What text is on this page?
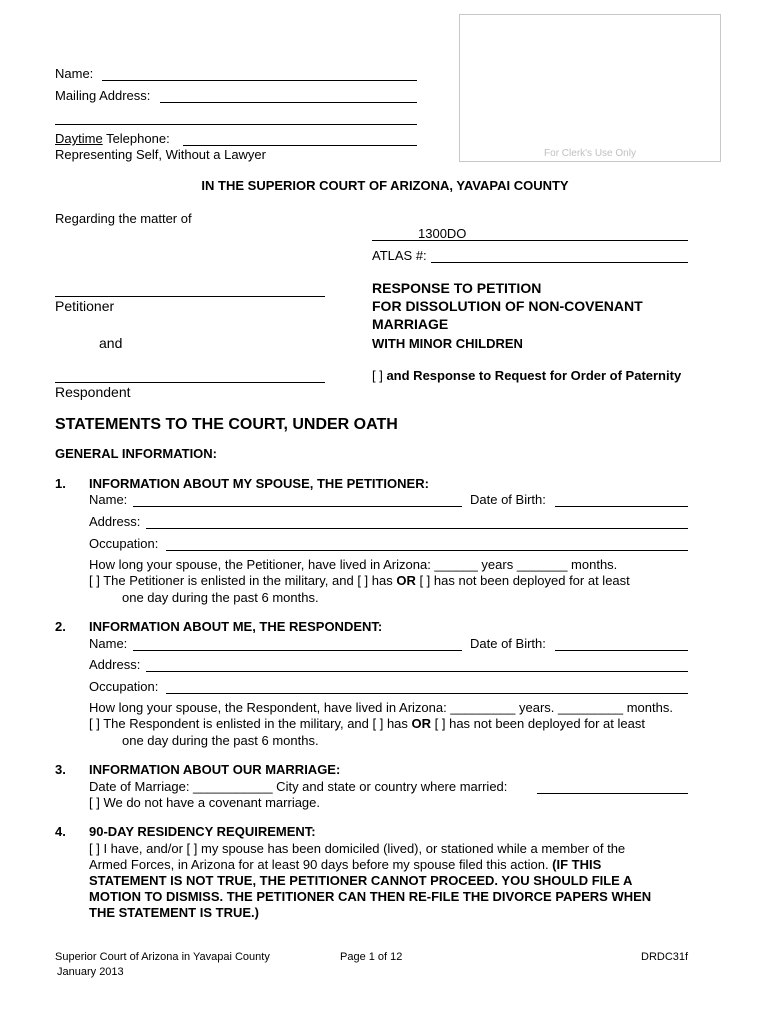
Name:
Mailing Address:
Daytime Telephone:
Representing Self, Without a Lawyer	For Clerk's Use Only
IN THE SUPERIOR COURT OF ARIZONA, YAVAPAI COUNTY
Regarding the matter of
1300DO
ATLAS #:
Petitioner
and
Respondent
RESPONSE TO PETITION
FOR DISSOLUTION OF NON-COVENANT
MARRIAGE
WITH MINOR CHILDREN
[ ] and Response to Request for Order of Paternity
STATEMENTS TO THE COURT, UNDER OATH
GENERAL INFORMATION:
1. INFORMATION ABOUT MY SPOUSE, THE PETITIONER:
Name:	Date of Birth:
Address:
Occupation:
How long your spouse, the Petitioner, have lived in Arizona: ______ years _______ months.
[ ] The Petitioner is enlisted in the military, and [ ] has OR [ ] has not been deployed for at least
one day during the past 6 months.
2. INFORMATION ABOUT ME, THE RESPONDENT:
Name:	Date of Birth:
Address:
Occupation:
How long your spouse, the Respondent, have lived in Arizona: _________ years. _________ months.
[ ] The Respondent is enlisted in the military, and [ ] has OR [ ] has not been deployed for at least
one day during the past 6 months.
3. INFORMATION ABOUT OUR MARRIAGE:
Date of Marriage: ___________ City and state or country where married:
[ ] We do not have a covenant marriage.
4. 90-DAY RESIDENCY REQUIREMENT:
[ ] I have, and/or [ ] my spouse has been domiciled (lived), or stationed while a member of the
Armed Forces, in Arizona for at least 90 days before my spouse filed this action. (IF THIS
STATEMENT IS NOT TRUE, THE PETITIONER CANNOT PROCEED. YOU SHOULD FILE A
MOTION TO DISMISS. THE PETITIONER CAN THEN RE-FILE THE DIVORCE PAPERS WHEN
THE STATEMENT IS TRUE.)
Superior Court of Arizona in Yavapai County
January 2013
Page 1 of 12	DRDC31f
